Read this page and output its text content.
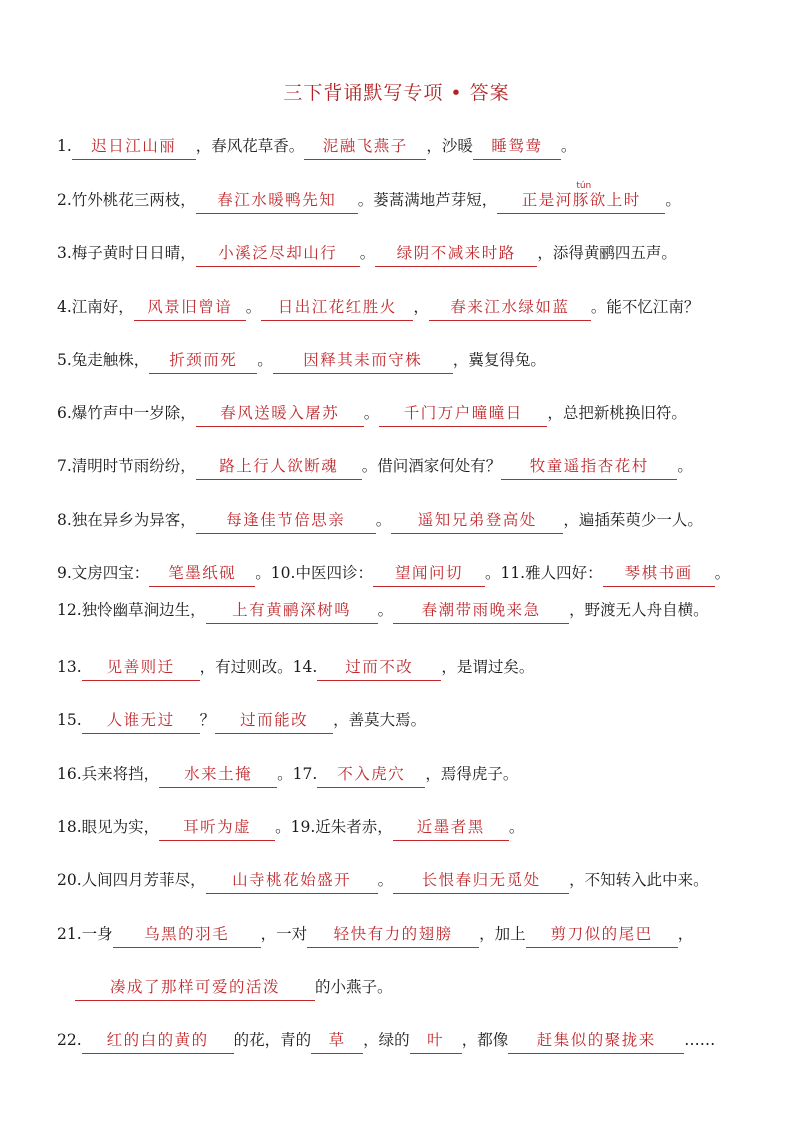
三下背诵默写专项 • 答案
1. 迟日江山丽 ，春风花草香。 泥融飞燕子 ，沙暖 睡鸳鸯 。
2.竹外桃花三两枝， 春江水暖鸭先知 。蒌蒿满地芦芽短，
tún
正是河豚欲上时 。
3.梅子黄时日日晴， 小溪泛尽却山行 。 绿阴不减来时路 ，添得黄鹂四五声。
4.江南好， 风景旧曾谙 。 日出江花红胜火 ， 春来江水绿如蓝 。能不忆江南？
5.兔走触株， 折颈而死 。 因释其耒而守株 ，冀复得兔。
6.爆竹声中一岁除， 春风送暖入屠苏 。 千门万户曈曈日 ，总把新桃换旧符。
7.清明时节雨纷纷， 路上行人欲断魂 。借问酒家何处有？ 牧童遥指杏花村 。
8.独在异乡为异客， 每逢佳节倍思亲 。 遥知兄弟登高处 ，遍插茱萸少一人。
9.文房四宝： 笔墨纸砚 。10.中医四诊： 望闻问切 。11.雅人四好： 琴棋书画 。
12.独怜幽草涧边生， 上有黄鹂深树鸣 。 春潮带雨晚来急 ，野渡无人舟自横。
13. 见善则迁 ，有过则改。14. 过而不改 ，是谓过矣。
15. 人谁无过 ？ 过而能改 ，善莫大焉。
16.兵来将挡， 水来土掩 。17. 不入虎穴 ，焉得虎子。
18.眼见为实， 耳听为虚 。19.近朱者赤， 近墨者黑 。
20.人间四月芳菲尽， 山寺桃花始盛开 。 长恨春归无觅处 ，不知转入此中来。
21.一身 乌黑的羽毛 ，一对 轻快有力的翅膀 ，加上 剪刀似的尾巴 ，
凑成了那样可爱的活泼 的小燕子。
22. 红的白的黄的 的花，青的 草 ，绿的 叶 ，都像 赶集似的聚拢来 ……
